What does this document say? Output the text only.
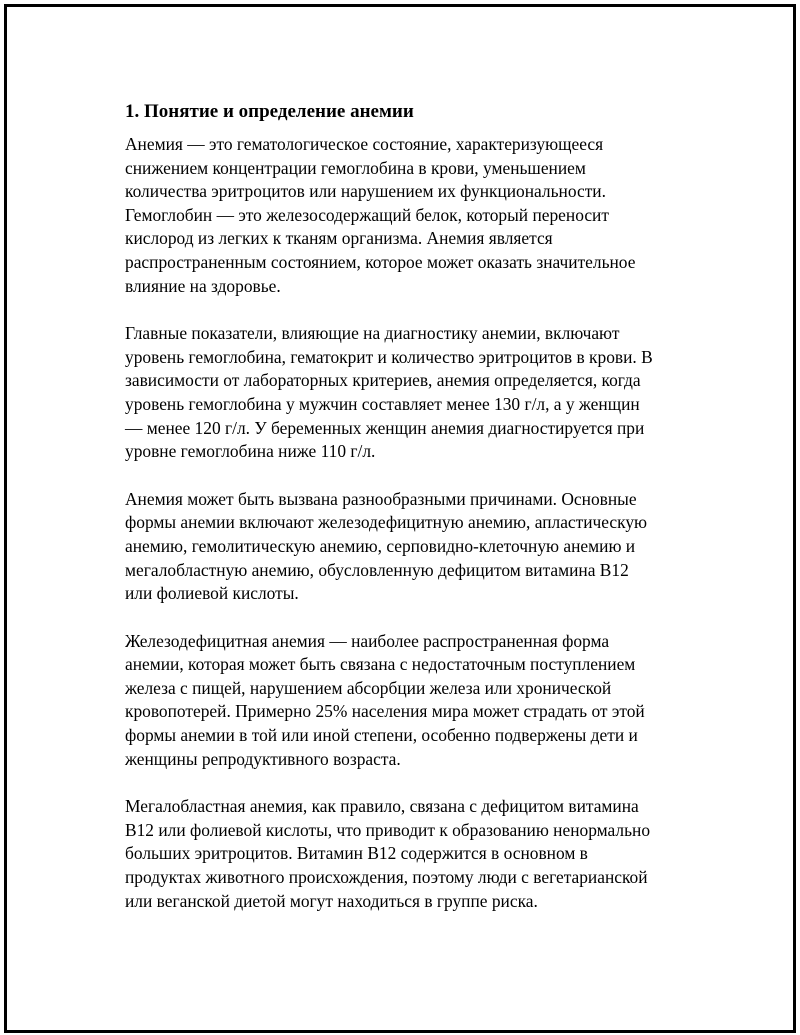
1. Понятие и определение анемии

Анемия — это гематологическое состояние, характеризующееся
снижением концентрации гемоглобина в крови, уменьшением
количества эритроцитов или нарушением их функциональности.
Гемоглобин — это железосодержащий белок, который переносит
кислород из легких к тканям организма. Анемия является
распространенным состоянием, которое может оказать значительное
влияние на здоровье.

Главные показатели, влияющие на диагностику анемии, включают
уровень гемоглобина, гематокрит и количество эритроцитов в крови. В
зависимости от лабораторных критериев, анемия определяется, когда
уровень гемоглобина у мужчин составляет менее 130 г/л, а у женщин
— менее 120 г/л. У беременных женщин анемия диагностируется при
уровне гемоглобина ниже 110 г/л.

Анемия может быть вызвана разнообразными причинами. Основные
формы анемии включают железодефицитную анемию, апластическую
анемию, гемолитическую анемию, серповидно-клеточную анемию и
мегалобластную анемию, обусловленную дефицитом витамина B12
или фолиевой кислоты.

Железодефицитная анемия — наиболее распространенная форма
анемии, которая может быть связана с недостаточным поступлением
железа с пищей, нарушением абсорбции железа или хронической
кровопотерей. Примерно 25% населения мира может страдать от этой
формы анемии в той или иной степени, особенно подвержены дети и
женщины репродуктивного возраста.

Мегалобластная анемия, как правило, связана с дефицитом витамина
B12 или фолиевой кислоты, что приводит к образованию ненормально
больших эритроцитов. Витамин B12 содержится в основном в
продуктах животного происхождения, поэтому люди с вегетарианской
или веганской диетой могут находиться в группе риска.
